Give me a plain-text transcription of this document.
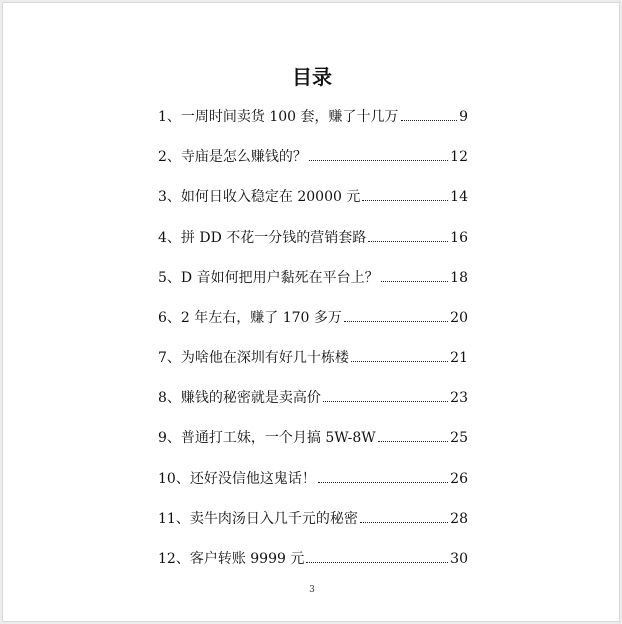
目录
1、一周时间卖货 100 套，赚了十几万	9
2、寺庙是怎么赚钱的？	12
3、如何日收入稳定在 20000 元	14
4、拼 DD 不花一分钱的营销套路	16
5、D 音如何把用户黏死在平台上？	18
6、2 年左右，赚了 170 多万	20
7、为啥他在深圳有好几十栋楼	21
8、赚钱的秘密就是卖高价	23
9、普通打工妹，一个月搞 5W-8W	25
10、还好没信他这鬼话！	26
11、卖牛肉汤日入几千元的秘密	28
12、客户转账 9999 元	30
3
